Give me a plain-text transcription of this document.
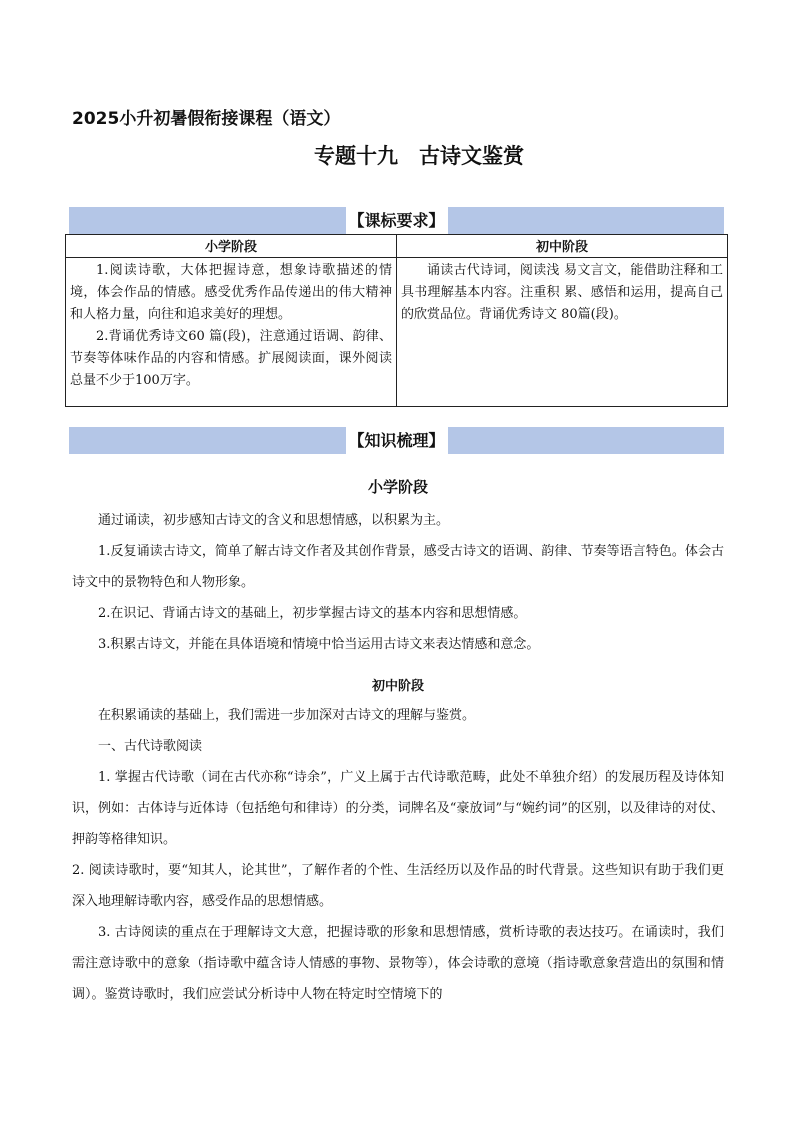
2025小升初暑假衔接课程（语文）
专题十九　古诗文鉴赏
【课标要求】
小学阶段	初中阶段

1.阅读诗歌，大体把握诗意，想象诗歌描述的情境，体会作品的情感。感受优秀作品传递出的伟大精神和人格力量，向往和追求美好的理想。

2.背诵优秀诗文60 篇(段)，注意通过语调、韵律、节奏等体味作品的内容和情感。扩展阅读面，课外阅读总量不少于100万字。	诵读古代诗词，阅读浅 易文言文，能借助注释和工具书理解基本内容。注重积 累、感悟和运用，提高自己 的欣赏品位。背诵优秀诗文 80篇(段)。

【知识梳理】
小学阶段

通过诵读，初步感知古诗文的含义和思想情感，以积累为主。

1.反复诵读古诗文，简单了解古诗文作者及其创作背景，感受古诗文的语调、韵律、节奏等语言特色。体会古诗文中的景物特色和人物形象。

2.在识记、背诵古诗文的基础上，初步掌握古诗文的基本内容和思想情感。

3.积累古诗文，并能在具体语境和情境中恰当运用古诗文来表达情感和意念。

初中阶段

在积累诵读的基础上，我们需进一步加深对古诗文的理解与鉴赏。

一、古代诗歌阅读

1. 掌握古代诗歌（词在古代亦称“诗余”，广义上属于古代诗歌范畴，此处不单独介绍）的发展历程及诗体知识，例如：古体诗与近体诗（包括绝句和律诗）的分类，词牌名及“豪放词”与“婉约词”的区别，以及律诗的对仗、押韵等格律知识。

2. 阅读诗歌时，要“知其人，论其世”，了解作者的个性、生活经历以及作品的时代背景。这些知识有助于我们更深入地理解诗歌内容，感受作品的思想情感。

3. 古诗阅读的重点在于理解诗文大意，把握诗歌的形象和思想情感，赏析诗歌的表达技巧。在诵读时，我们需注意诗歌中的意象（指诗歌中蕴含诗人情感的事物、景物等），体会诗歌的意境（指诗歌意象营造出的氛围和情调）。鉴赏诗歌时，我们应尝试分析诗中人物在特定时空情境下的
